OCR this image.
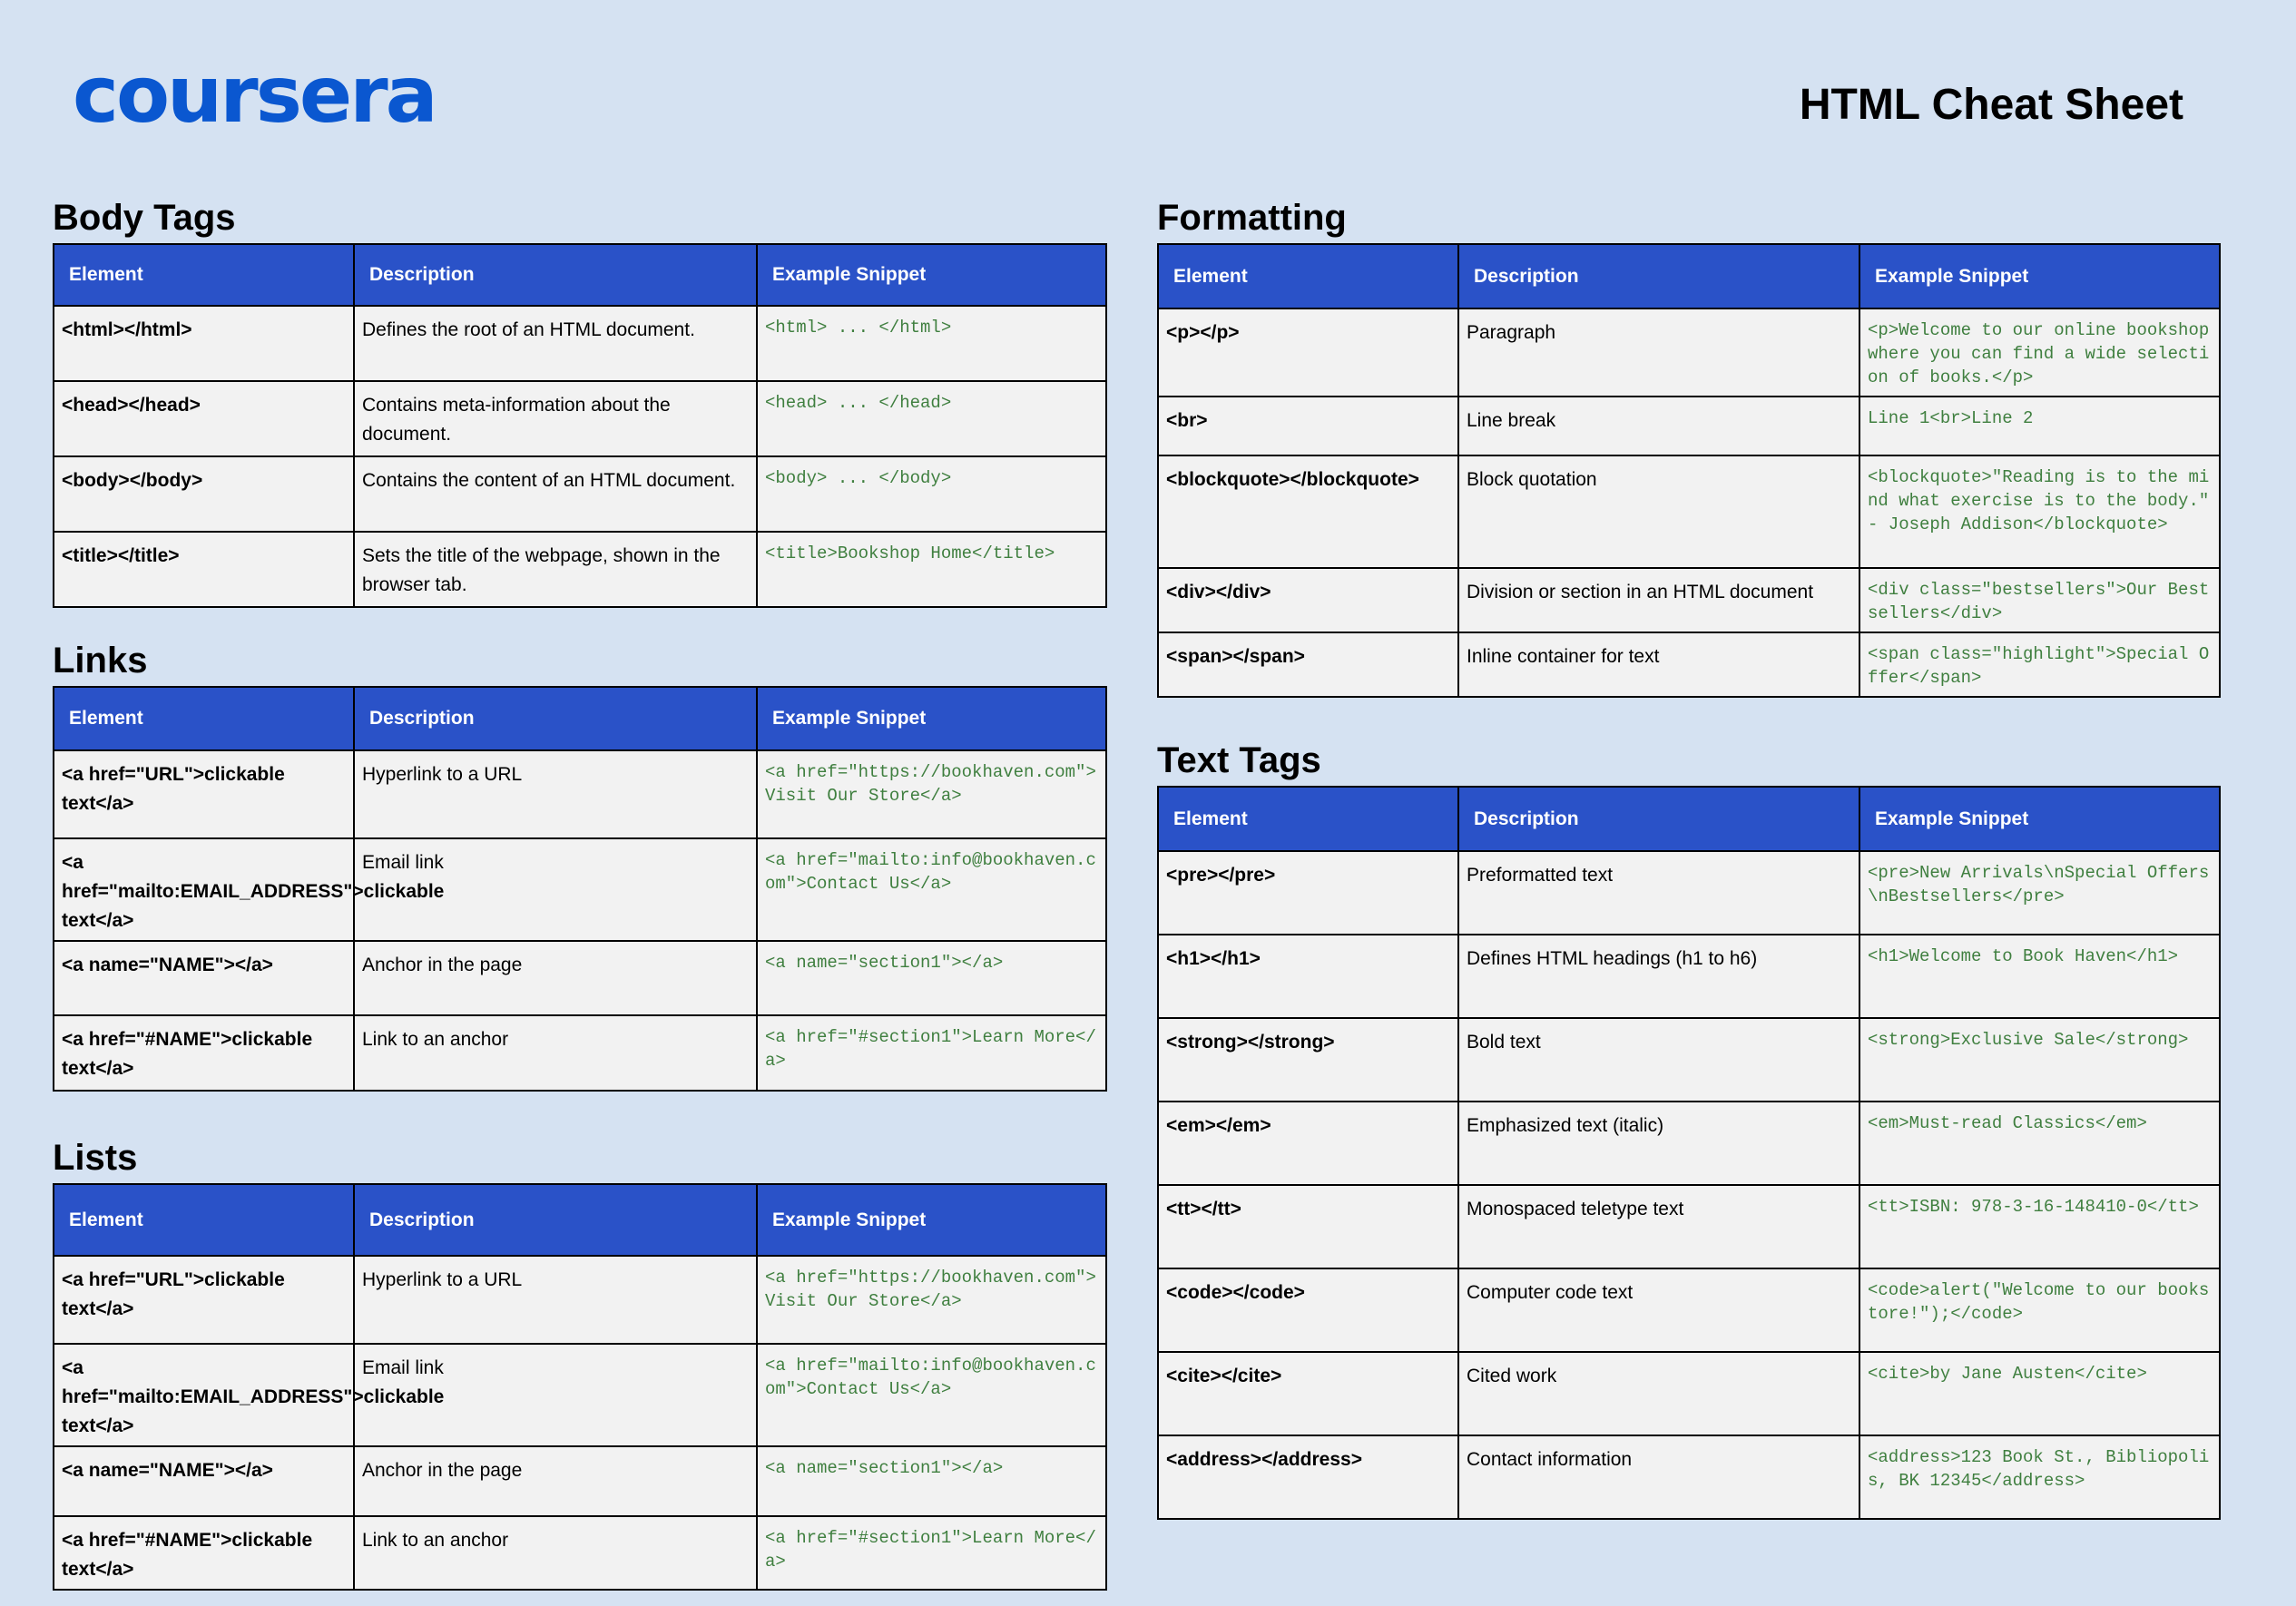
coursera	HTML Cheat Sheet
Body Tags
Element	Description	Example Snippet
<html></html>	Defines the root of an HTML document.	<html> ... </html>
<head></head>	Contains meta-information about the document.	<head> ... </head>
<body></body>	Contains the content of an HTML document.	<body> ... </body>
<title></title>	Sets the title of the webpage, shown in the browser tab.	<title>Bookshop Home</title>
Links
Element	Description	Example Snippet
<a href="URL">clickable text</a>	Hyperlink to a URL	<a href="https://bookhaven.com">Visit Our Store</a>
<a href="mailto:EMAIL_ADDRESS">clickable text</a>	Email link	<a href="mailto:info@bookhaven.com">Contact Us</a>
<a name="NAME"></a>	Anchor in the page	<a name="section1"></a>
<a href="#NAME">clickable text</a>	Link to an anchor	<a href="#section1">Learn More</a>
Lists
Element	Description	Example Snippet
<a href="URL">clickable text</a>	Hyperlink to a URL	<a href="https://bookhaven.com">Visit Our Store</a>
<a href="mailto:EMAIL_ADDRESS">clickable text</a>	Email link	<a href="mailto:info@bookhaven.com">Contact Us</a>
<a name="NAME"></a>	Anchor in the page	<a name="section1"></a>
<a href="#NAME">clickable text</a>	Link to an anchor	<a href="#section1">Learn More</a>
Formatting
Element	Description	Example Snippet
<p></p>	Paragraph	<p>Welcome to our online bookshop where you can find a wide selection of books.</p>
<br>	Line break	Line 1<br>Line 2
<blockquote></blockquote>	Block quotation	<blockquote>"Reading is to the mind what exercise is to the body." - Joseph Addison</blockquote>
<div></div>	Division or section in an HTML document	<div class="bestsellers">Our Bestsellers</div>
<span></span>	Inline container for text	<span class="highlight">Special Offer</span>
Text Tags
Element	Description	Example Snippet
<pre></pre>	Preformatted text	<pre>New Arrivals\nSpecial Offers\nBestsellers</pre>
<h1></h1>	Defines HTML headings (h1 to h6)	<h1>Welcome to Book Haven</h1>
<strong></strong>	Bold text	<strong>Exclusive Sale</strong>
<em></em>	Emphasized text (italic)	<em>Must-read Classics</em>
<tt></tt>	Monospaced teletype text	<tt>ISBN: 978-3-16-148410-0</tt>
<code></code>	Computer code text	<code>alert("Welcome to our bookstore!");</code>
<cite></cite>	Cited work	<cite>by Jane Austen</cite>
<address></address>	Contact information	<address>123 Book St., Bibliopolis, BK 12345</address>
